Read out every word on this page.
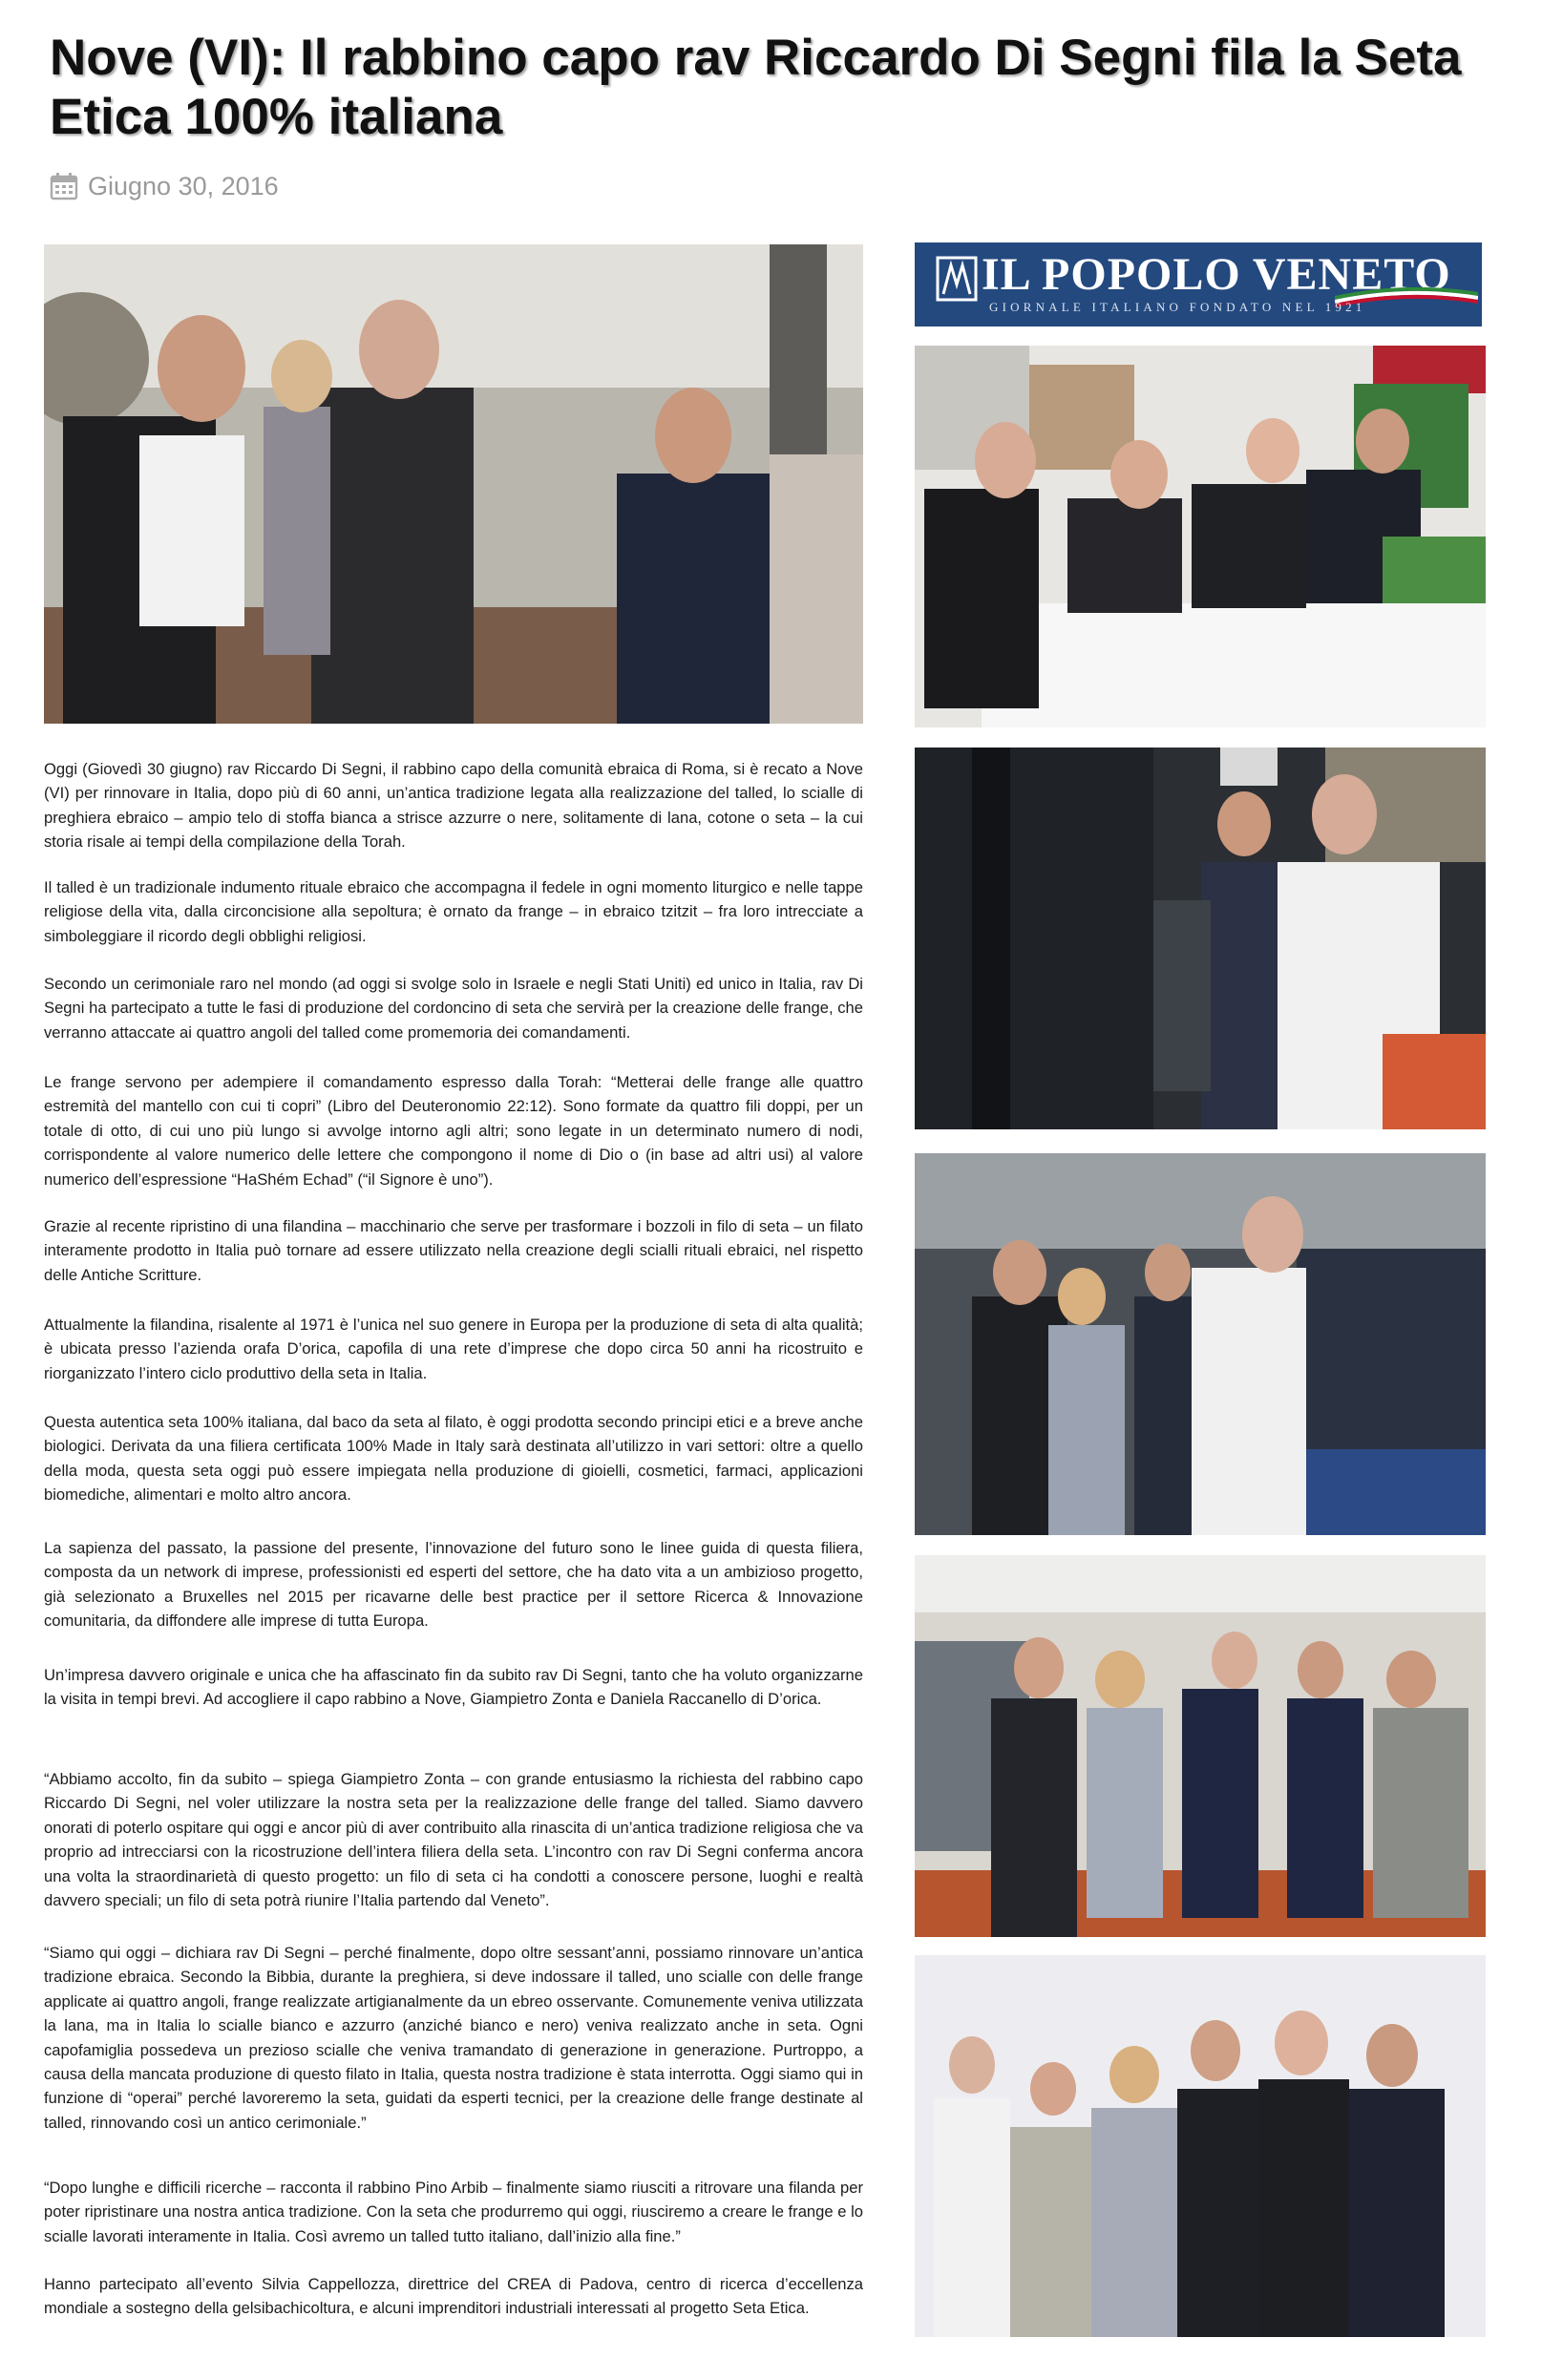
Nove (VI): Il rabbino capo rav Riccardo Di Segni fila la Seta Etica 100% italiana
Giugno 30, 2016
IL POPOLO VENETO
GIORNALE ITALIANO FONDATO NEL 1921

Oggi (Giovedì 30 giugno) rav Riccardo Di Segni, il rabbino capo della comunità ebraica di Roma, si è recato a Nove (VI) per rinnovare in Italia, dopo più di 60 anni, un’antica tradizione legata alla realizzazione del talled, lo scialle di preghiera ebraico – ampio telo di stoffa bianca a strisce azzurre o nere, solitamente di lana, cotone o seta – la cui storia risale ai tempi della compilazione della Torah.

Il talled è un tradizionale indumento rituale ebraico che accompagna il fedele in ogni momento liturgico e nelle tappe religiose della vita, dalla circoncisione alla sepoltura; è ornato da frange – in ebraico tzitzit – fra loro intrecciate a simboleggiare il ricordo degli obblighi religiosi.

Secondo un cerimoniale raro nel mondo (ad oggi si svolge solo in Israele e negli Stati Uniti) ed unico in Italia, rav Di Segni ha partecipato a tutte le fasi di produzione del cordoncino di seta che servirà per la creazione delle frange, che verranno attaccate ai quattro angoli del talled come promemoria dei comandamenti.

Le frange servono per adempiere il comandamento espresso dalla Torah: “Metterai delle frange alle quattro estremità del mantello con cui ti copri” (Libro del Deuteronomio 22:12). Sono formate da quattro fili doppi, per un totale di otto, di cui uno più lungo si avvolge intorno agli altri; sono legate in un determinato numero di nodi, corrispondente al valore numerico delle lettere che compongono il nome di Dio o (in base ad altri usi) al valore numerico dell’espressione “HaShém Echad” (“il Signore è uno”).

Grazie al recente ripristino di una filandina – macchinario che serve per trasformare i bozzoli in filo di seta – un filato interamente prodotto in Italia può tornare ad essere utilizzato nella creazione degli scialli rituali ebraici, nel rispetto delle Antiche Scritture.

Attualmente la filandina, risalente al 1971 è l’unica nel suo genere in Europa per la produzione di seta di alta qualità; è ubicata presso l’azienda orafa D’orica, capofila di una rete d’imprese che dopo circa 50 anni ha ricostruito e riorganizzato l’intero ciclo produttivo della seta in Italia.

Questa autentica seta 100% italiana, dal baco da seta al filato, è oggi prodotta secondo principi etici e a breve anche biologici. Derivata da una filiera certificata 100% Made in Italy sarà destinata all’utilizzo in vari settori: oltre a quello della moda, questa seta oggi può essere impiegata nella produzione di gioielli, cosmetici, farmaci, applicazioni biomediche, alimentari e molto altro ancora.

La sapienza del passato, la passione del presente, l’innovazione del futuro sono le linee guida di questa filiera, composta da un network di imprese, professionisti ed esperti del settore, che ha dato vita a un ambizioso progetto, già selezionato a Bruxelles nel 2015 per ricavarne delle best practice per il settore Ricerca & Innovazione comunitaria, da diffondere alle imprese di tutta Europa.

Un’impresa davvero originale e unica che ha affascinato fin da subito rav Di Segni, tanto che ha voluto organizzarne la visita in tempi brevi. Ad accogliere il capo rabbino a Nove, Giampietro Zonta e Daniela Raccanello di D’orica.

“Abbiamo accolto, fin da subito – spiega Giampietro Zonta – con grande entusiasmo la richiesta del rabbino capo Riccardo Di Segni, nel voler utilizzare la nostra seta per la realizzazione delle frange del talled. Siamo davvero onorati di poterlo ospitare qui oggi e ancor più di aver contribuito alla rinascita di un’antica tradizione religiosa che va proprio ad intrecciarsi con la ricostruzione dell’intera filiera della seta. L’incontro con rav Di Segni conferma ancora una volta la straordinarietà di questo progetto: un filo di seta ci ha condotti a conoscere persone, luoghi e realtà davvero speciali; un filo di seta potrà riunire l’Italia partendo dal Veneto”.

“Siamo qui oggi – dichiara rav Di Segni – perché finalmente, dopo oltre sessant’anni, possiamo rinnovare un’antica tradizione ebraica. Secondo la Bibbia, durante la preghiera, si deve indossare il talled, uno scialle con delle frange applicate ai quattro angoli, frange realizzate artigianalmente da un ebreo osservante. Comunemente veniva utilizzata la lana, ma in Italia lo scialle bianco e azzurro (anziché bianco e nero) veniva realizzato anche in seta. Ogni capofamiglia possedeva un prezioso scialle che veniva tramandato di generazione in generazione. Purtroppo, a causa della mancata produzione di questo filato in Italia, questa nostra tradizione è stata interrotta. Oggi siamo qui in funzione di “operai” perché lavoreremo la seta, guidati da esperti tecnici, per la creazione delle frange destinate al talled, rinnovando così un antico cerimoniale.”

“Dopo lunghe e difficili ricerche – racconta il rabbino Pino Arbib – finalmente siamo riusciti a ritrovare una filanda per poter ripristinare una nostra antica tradizione. Con la seta che produrremo qui oggi, riusciremo a creare le frange e lo scialle lavorati interamente in Italia. Così avremo un talled tutto italiano, dall’inizio alla fine.”

Hanno partecipato all’evento Silvia Cappellozza, direttrice del CREA di Padova, centro di ricerca d’eccellenza mondiale a sostegno della gelsibachicoltura, e alcuni imprenditori industriali interessati al progetto Seta Etica.
